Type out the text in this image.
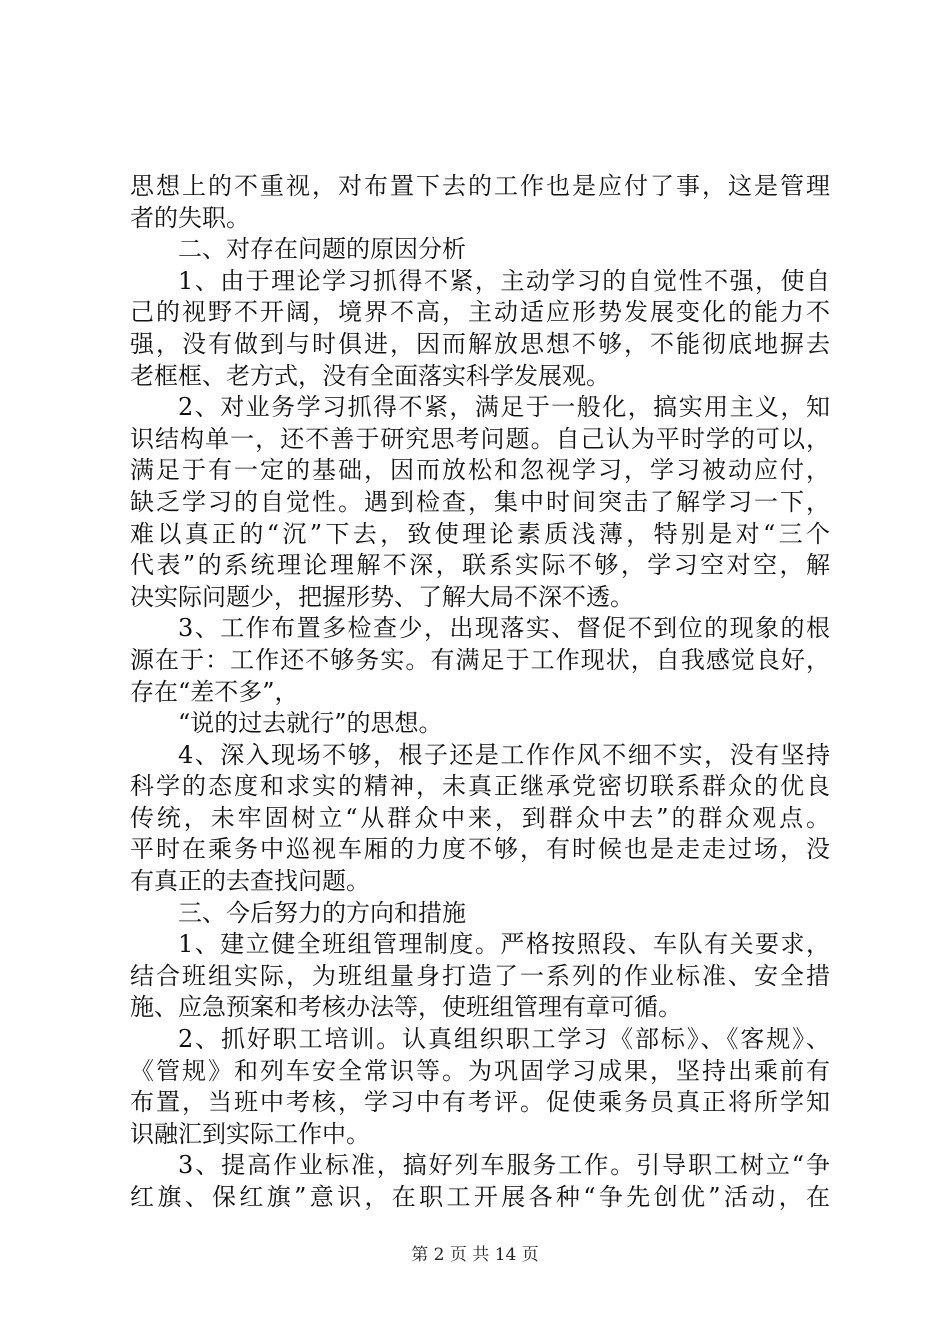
思想上的不重视，对布置下去的工作也是应付了事，这是管理
者的失职。
二、对存在问题的原因分析
1、由于理论学习抓得不紧，主动学习的自觉性不强，使自
己的视野不开阔，境界不高，主动适应形势发展变化的能力不
强，没有做到与时俱进，因而解放思想不够，不能彻底地摒去
老框框、老方式，没有全面落实科学发展观。
2、对业务学习抓得不紧，满足于一般化，搞实用主义，知
识结构单一，还不善于研究思考问题。自己认为平时学的可以，
满足于有一定的基础，因而放松和忽视学习，学习被动应付，
缺乏学习的自觉性。遇到检查，集中时间突击了解学习一下，
难以真正的“沉”下去，致使理论素质浅薄，特别是对“三个
代表”的系统理论理解不深，联系实际不够，学习空对空，解
决实际问题少，把握形势、了解大局不深不透。
3、工作布置多检查少，出现落实、督促不到位的现象的根
源在于：工作还不够务实。有满足于工作现状，自我感觉良好，
存在“差不多”，
“说的过去就行”的思想。
4、深入现场不够，根子还是工作作风不细不实，没有坚持
科学的态度和求实的精神，未真正继承党密切联系群众的优良
传统，未牢固树立“从群众中来，到群众中去”的群众观点。
平时在乘务中巡视车厢的力度不够，有时候也是走走过场，没
有真正的去查找问题。
三、今后努力的方向和措施
1、建立健全班组管理制度。严格按照段、车队有关要求，
结合班组实际，为班组量身打造了一系列的作业标准、安全措
施、应急预案和考核办法等，使班组管理有章可循。
2、抓好职工培训。认真组织职工学习《部标》、《客规》、
《管规》和列车安全常识等。为巩固学习成果，坚持出乘前有
布置，当班中考核，学习中有考评。促使乘务员真正将所学知
识融汇到实际工作中。
3、提高作业标准，搞好列车服务工作。引导职工树立“争
红旗、保红旗”意识，在职工开展各种“争先创优”活动，在
第 2 页 共 14 页
